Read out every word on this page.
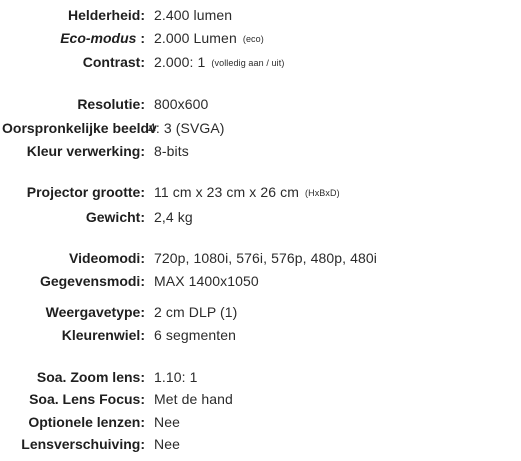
Helderheid: 2.400 lumen
Eco-modus : 2.000 Lumen (eco)
Contrast: 2.000: 1 (volledig aan / uit)
Resolutie: 800x600
Oorspronkelijke beeldv
4: 3 (SVGA)
Kleur verwerking: 8-bits
Projector grootte: 11 cm x 23 cm x 26 cm (HxBxD)
Gewicht: 2,4 kg
Videomodi: 720p, 1080i, 576i, 576p, 480p, 480i
Gegevensmodi: MAX 1400x1050
Weergavetype: 2 cm DLP (1)
Kleurenwiel: 6 segmenten
Soa. Zoom lens: 1.10: 1
Soa. Lens Focus: Met de hand
Optionele lenzen: Nee
Lensverschuiving: Nee
